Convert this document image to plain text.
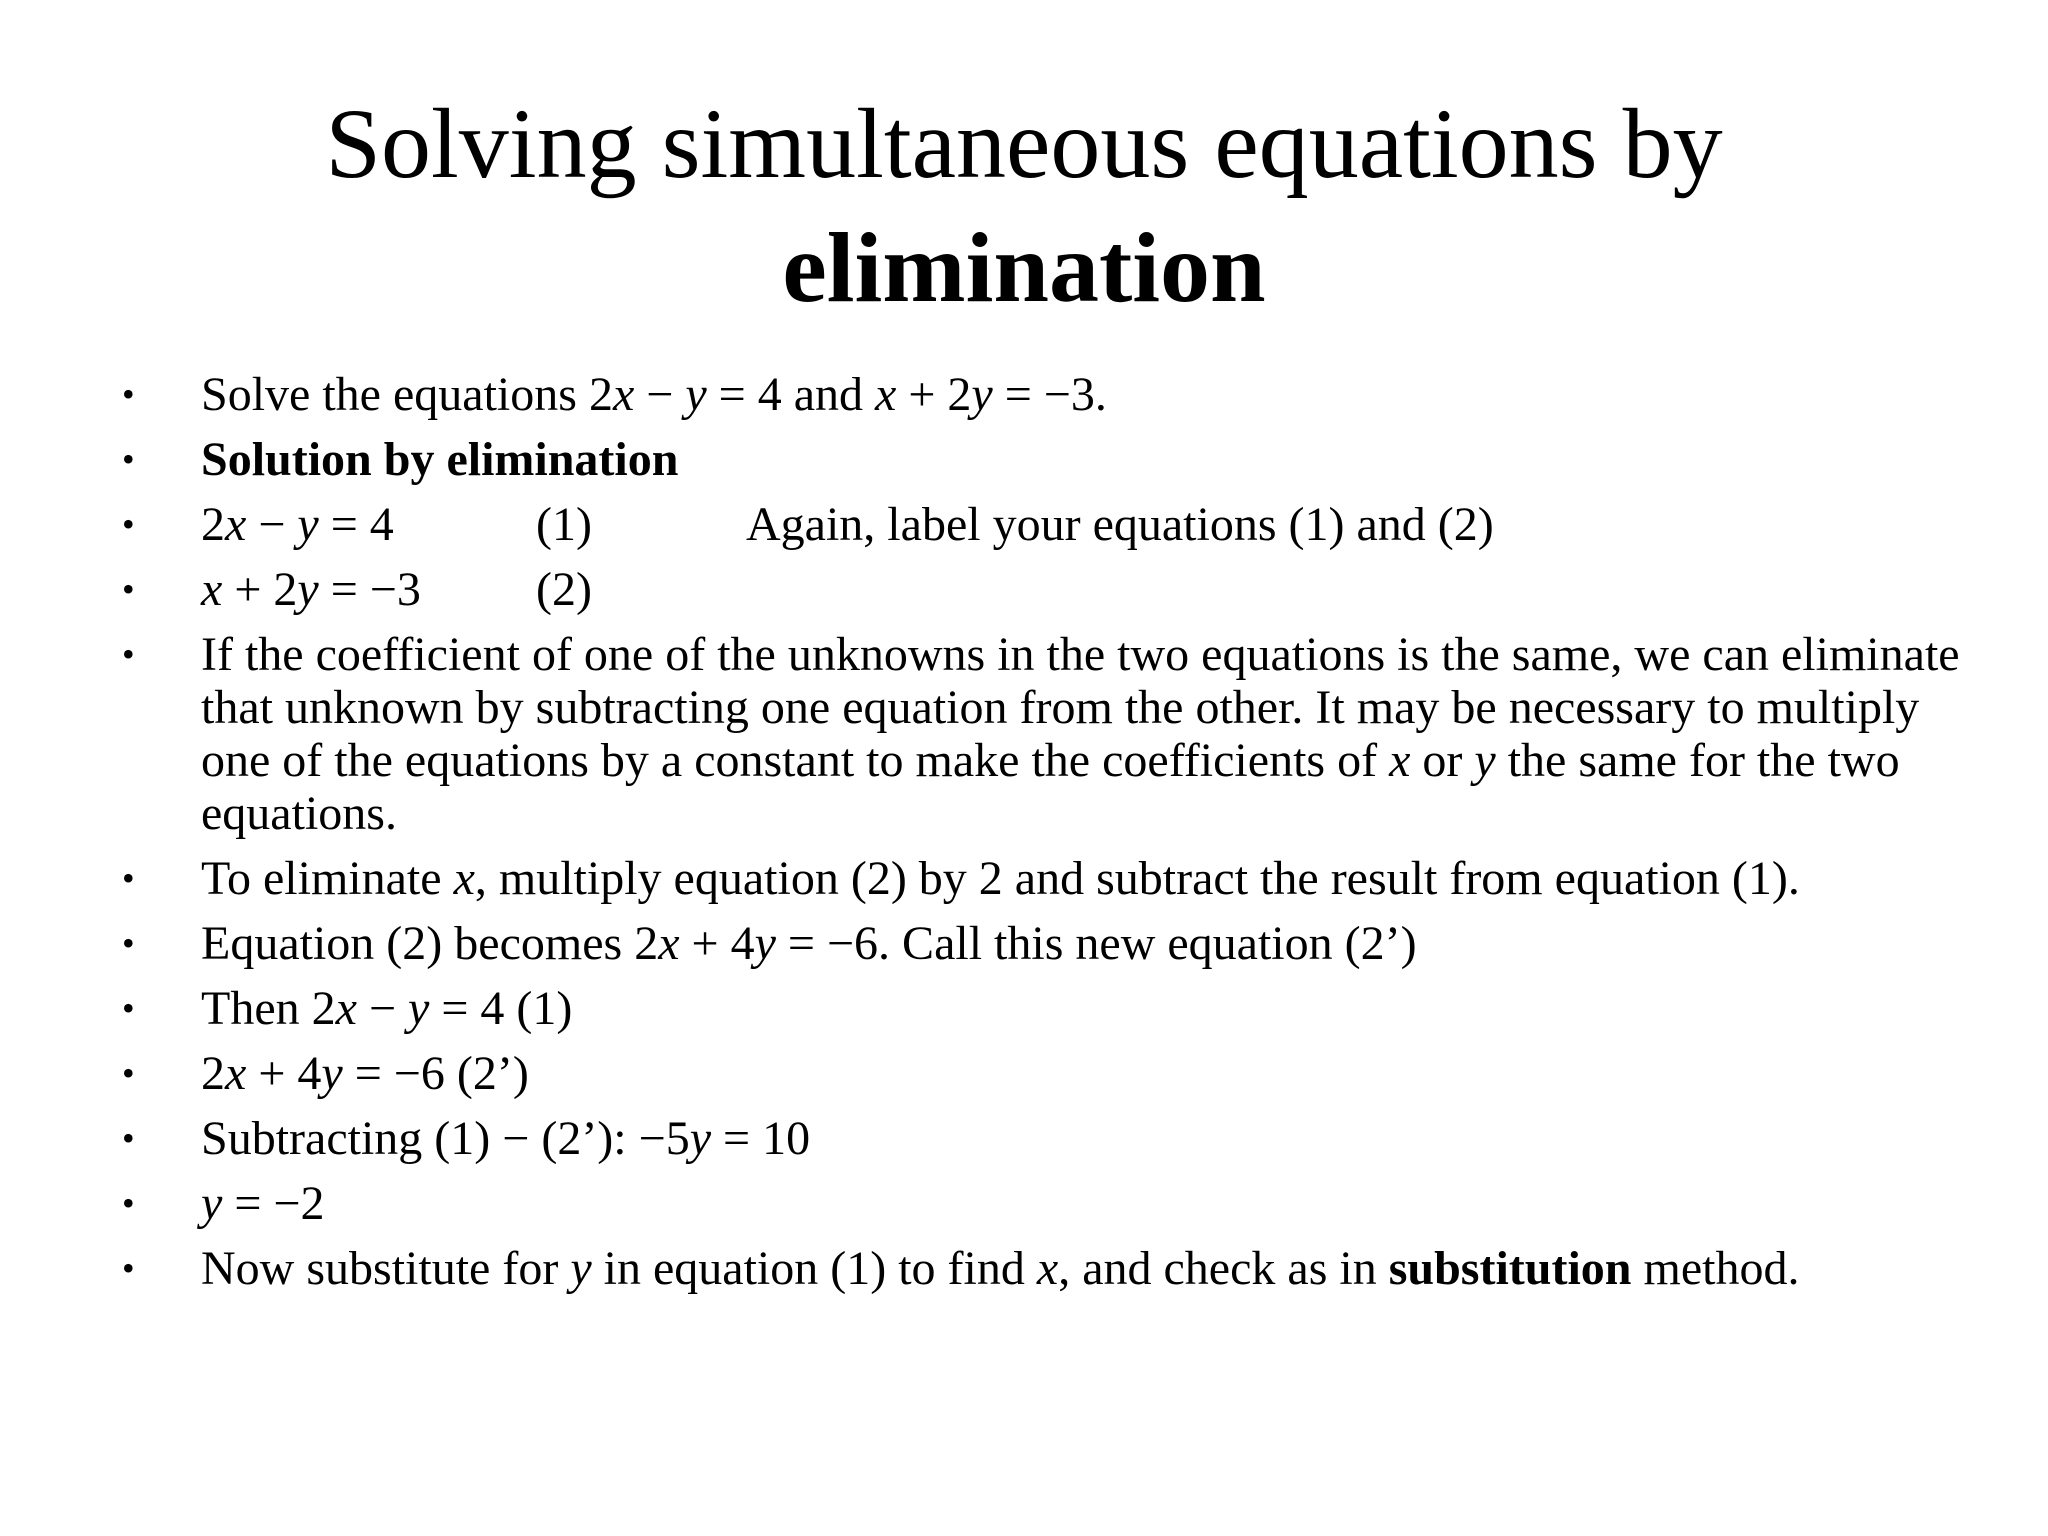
Solving simultaneous equations by
elimination
• Solve the equations 2x − y = 4 and x + 2y = −3.
• Solution by elimination
• 2x − y = 4	(1)	Again, label your equations (1) and (2)
• x + 2y = −3 (2)
• If the coefficient of one of the unknowns in the two equations is the same, we can eliminate that unknown by subtracting one equation from the other. It may be necessary to multiply one of the equations by a constant to make the coefficients of x or y the same for the two equations.
• To eliminate x, multiply equation (2) by 2 and subtract the result from equation (1).
• Equation (2) becomes 2x + 4y = −6. Call this new equation (2’)
• Then 2x − y = 4 (1)
• 2x + 4y = −6 (2’)
• Subtracting (1) − (2’): −5y = 10
• y = −2
• Now substitute for y in equation (1) to find x, and check as in substitution method.
